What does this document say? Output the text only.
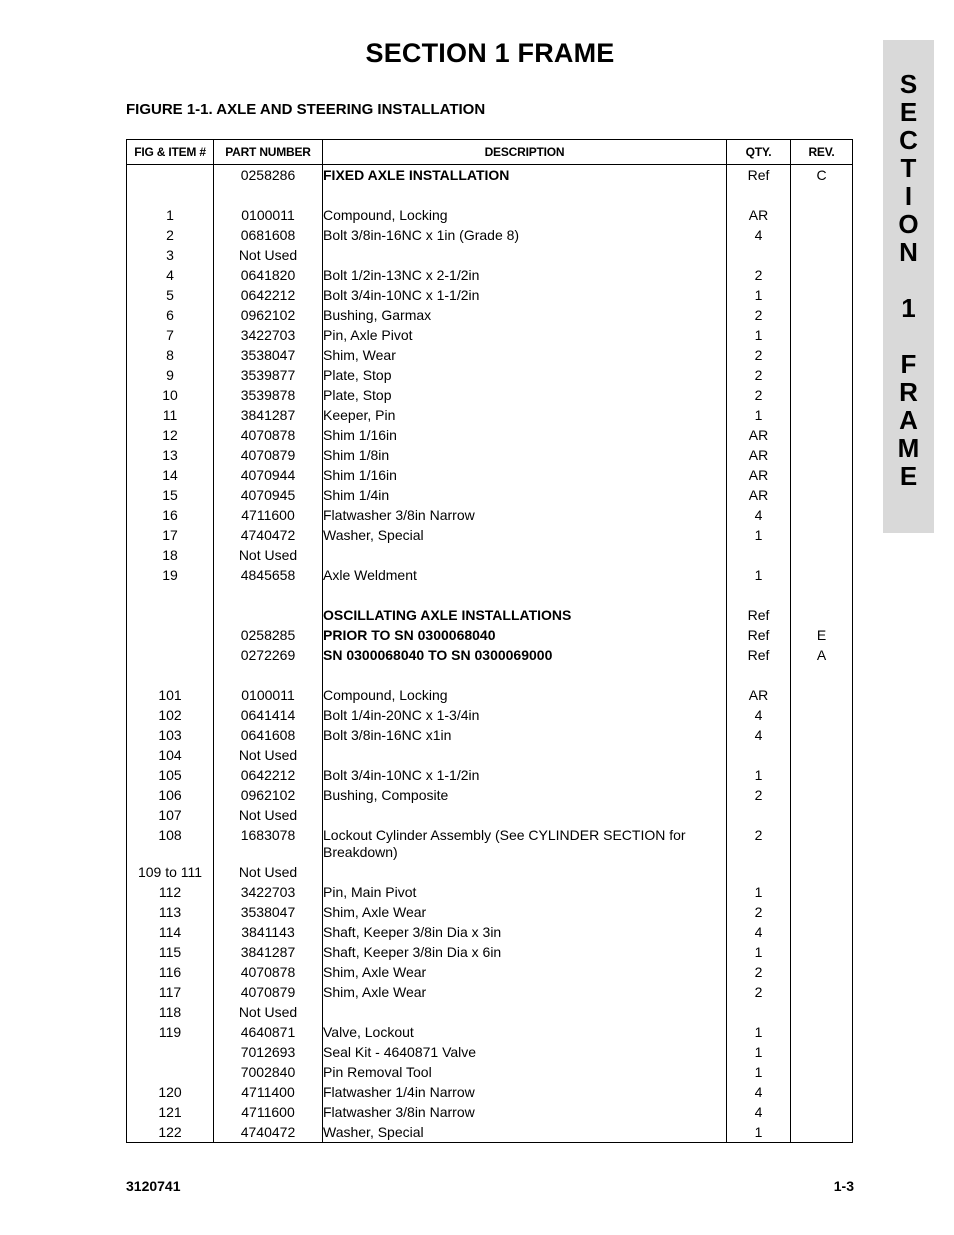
SECTION 1 FRAME
FIGURE 1-1. AXLE AND STEERING INSTALLATION
S
E
C
T
I
O
N
1
F
R
A
M
E
FIG & ITEM #	PART NUMBER	DESCRIPTION	QTY.	REV.
	0258286	FIXED AXLE INSTALLATION	Ref	C

1	0100011	Compound, Locking	AR	
2	0681608	Bolt 3/8in-16NC x 1in (Grade 8)	4	
3	Not Used			
4	0641820	Bolt 1/2in-13NC x 2-1/2in	2	
5	0642212	Bolt 3/4in-10NC x 1-1/2in	1	
6	0962102	Bushing, Garmax	2	
7	3422703	Pin, Axle Pivot	1	
8	3538047	Shim, Wear	2	
9	3539877	Plate, Stop	2	
10	3539878	Plate, Stop	2	
11	3841287	Keeper, Pin	1	
12	4070878	Shim 1/16in	AR	
13	4070879	Shim 1/8in	AR	
14	4070944	Shim 1/16in	AR	
15	4070945	Shim 1/4in	AR	
16	4711600	Flatwasher 3/8in Narrow	4	
17	4740472	Washer, Special	1	
18	Not Used			
19	4845658	Axle Weldment	1	

		OSCILLATING AXLE INSTALLATIONS	Ref	
	0258285	PRIOR TO SN 0300068040	Ref	E
	0272269	SN 0300068040 TO SN 0300069000	Ref	A

101	0100011	Compound, Locking	AR	
102	0641414	Bolt 1/4in-20NC x 1-3/4in	4	
103	0641608	Bolt 3/8in-16NC x1in	4	
104	Not Used			
105	0642212	Bolt 3/4in-10NC x 1-1/2in	1	
106	0962102	Bushing, Composite	2	
107	Not Used			
108	1683078	Lockout Cylinder Assembly (See CYLINDER SECTION for Breakdown)	2	
109 to 111	Not Used			
112	3422703	Pin, Main Pivot	1	
113	3538047	Shim, Axle Wear	2	
114	3841143	Shaft, Keeper 3/8in Dia x 3in	4	
115	3841287	Shaft, Keeper 3/8in Dia x 6in	1	
116	4070878	Shim, Axle Wear	2	
117	4070879	Shim, Axle Wear	2	
118	Not Used			
119	4640871	Valve, Lockout	1	
	7012693	Seal Kit - 4640871 Valve	1	
	7002840	Pin Removal Tool	1	
120	4711400	Flatwasher 1/4in Narrow	4	
121	4711600	Flatwasher 3/8in Narrow	4	
122	4740472	Washer, Special	1	
3120741	1-3
